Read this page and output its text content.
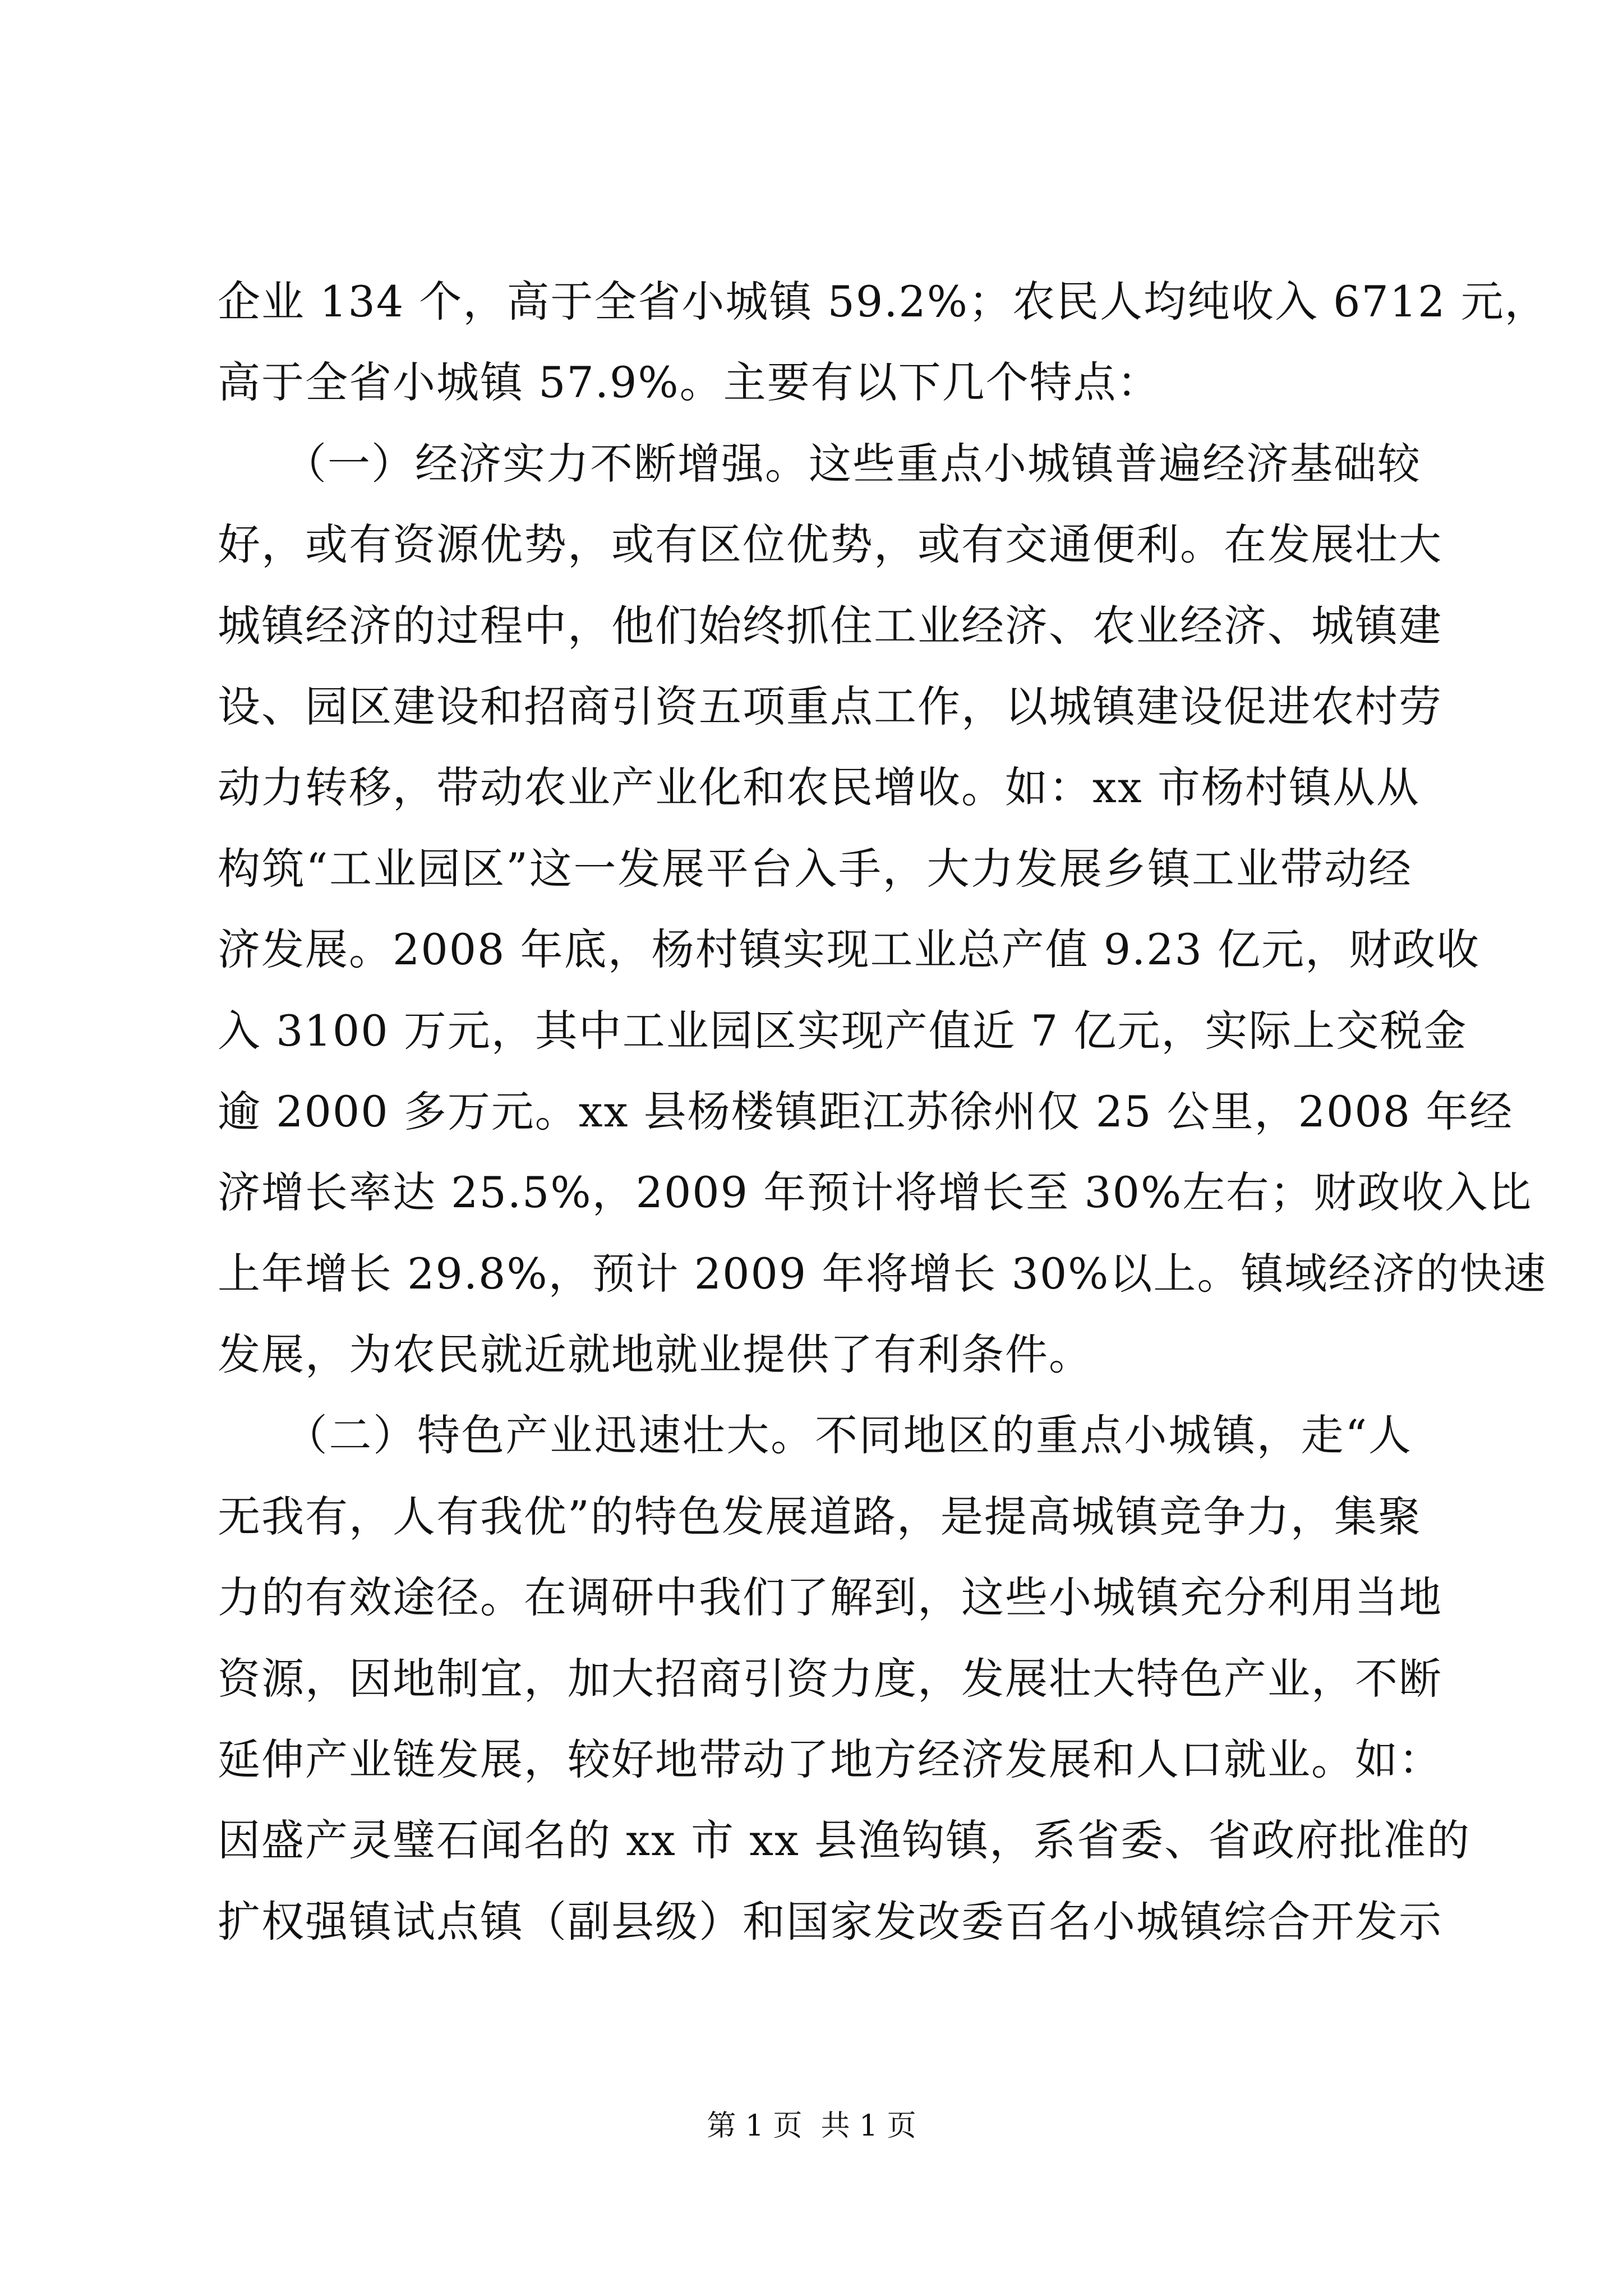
企业 134 个，高于全省小城镇 59.2%；农民人均纯收入 6712 元，
高于全省小城镇 57.9%。主要有以下几个特点：
　　（一）经济实力不断增强。这些重点小城镇普遍经济基础较
好，或有资源优势，或有区位优势，或有交通便利。在发展壮大
城镇经济的过程中，他们始终抓住工业经济、农业经济、城镇建
设、园区建设和招商引资五项重点工作，以城镇建设促进农村劳
动力转移，带动农业产业化和农民增收。如：xx 市杨村镇从从
构筑“工业园区”这一发展平台入手，大力发展乡镇工业带动经
济发展。2008 年底，杨村镇实现工业总产值 9.23 亿元，财政收
入 3100 万元，其中工业园区实现产值近 7 亿元，实际上交税金
逾 2000 多万元。xx 县杨楼镇距江苏徐州仅 25 公里，2008 年经
济增长率达 25.5%，2009 年预计将增长至 30%左右；财政收入比
上年增长 29.8%，预计 2009 年将增长 30%以上。镇域经济的快速
发展，为农民就近就地就业提供了有利条件。
　　（二）特色产业迅速壮大。不同地区的重点小城镇，走“人
无我有，人有我优”的特色发展道路，是提高城镇竞争力，集聚
力的有效途径。在调研中我们了解到，这些小城镇充分利用当地
资源，因地制宜，加大招商引资力度，发展壮大特色产业，不断
延伸产业链发展，较好地带动了地方经济发展和人口就业。如：
因盛产灵璧石闻名的 xx 市 xx 县渔钩镇，系省委、省政府批准的
扩权强镇试点镇（副县级）和国家发改委百名小城镇综合开发示
第 1 页  共 1 页
